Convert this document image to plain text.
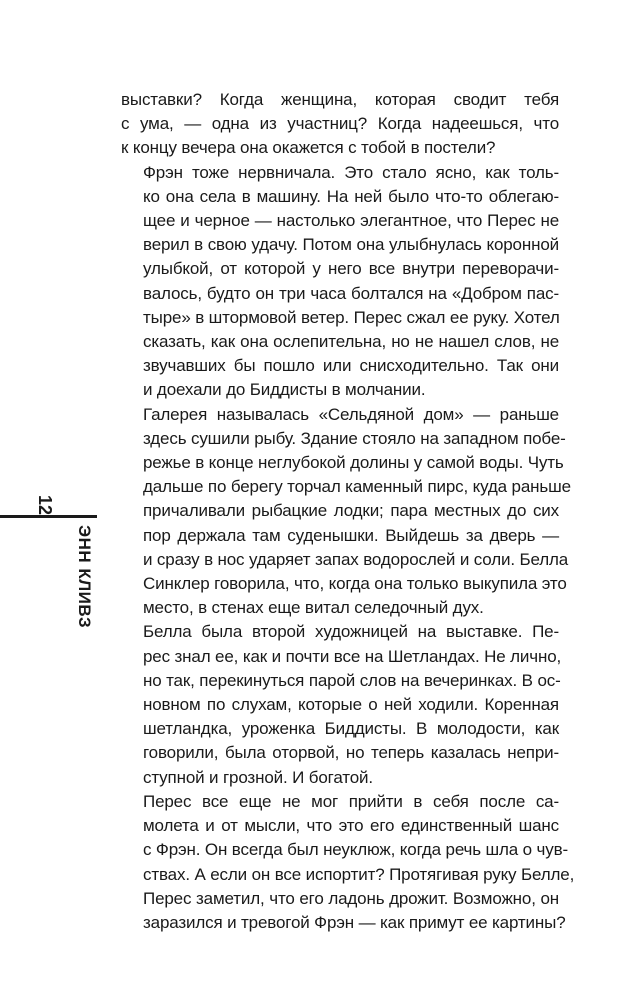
12
ЭНН КЛИВЗ

выставки? Когда женщина, которая сводит тебя
с ума, — одна из участниц? Когда надеешься, что
к концу вечера она окажется с тобой в постели?

Фрэн тоже нервничала. Это стало ясно, как толь-
ко она села в машину. На ней было что-то облегаю-
щее и черное — настолько элегантное, что Перес не
верил в свою удачу. Потом она улыбнулась коронной
улыбкой, от которой у него все внутри переворачи-
валось, будто он три часа болтался на «Добром пас-
тыре» в штормовой ветер. Перес сжал ее руку. Хотел
сказать, как она ослепительна, но не нашел слов, не
звучавших бы пошло или снисходительно. Так они
и доехали до Биддисты в молчании.

Галерея называлась «Сельдяной дом» — раньше
здесь сушили рыбу. Здание стояло на западном побе-
режье в конце неглубокой долины у самой воды. Чуть
дальше по берегу торчал каменный пирс, куда раньше
причаливали рыбацкие лодки; пара местных до сих
пор держала там суденышки. Выйдешь за дверь —
и сразу в нос ударяет запах водорослей и соли. Белла
Синклер говорила, что, когда она только выкупила это
место, в стенах еще витал селедочный дух.

Белла была второй художницей на выставке. Пе-
рес знал ее, как и почти все на Шетландах. Не лично,
но так, перекинуться парой слов на вечеринках. В ос-
новном по слухам, которые о ней ходили. Коренная
шетландка, уроженка Биддисты. В молодости, как
говорили, была оторвой, но теперь казалась непри-
ступной и грозной. И богатой.

Перес все еще не мог прийти в себя после са-
молета и от мысли, что это его единственный шанс
с Фрэн. Он всегда был неуклюж, когда речь шла о чув-
ствах. А если он все испортит? Протягивая руку Белле,
Перес заметил, что его ладонь дрожит. Возможно, он
заразился и тревогой Фрэн — как примут ее картины?
